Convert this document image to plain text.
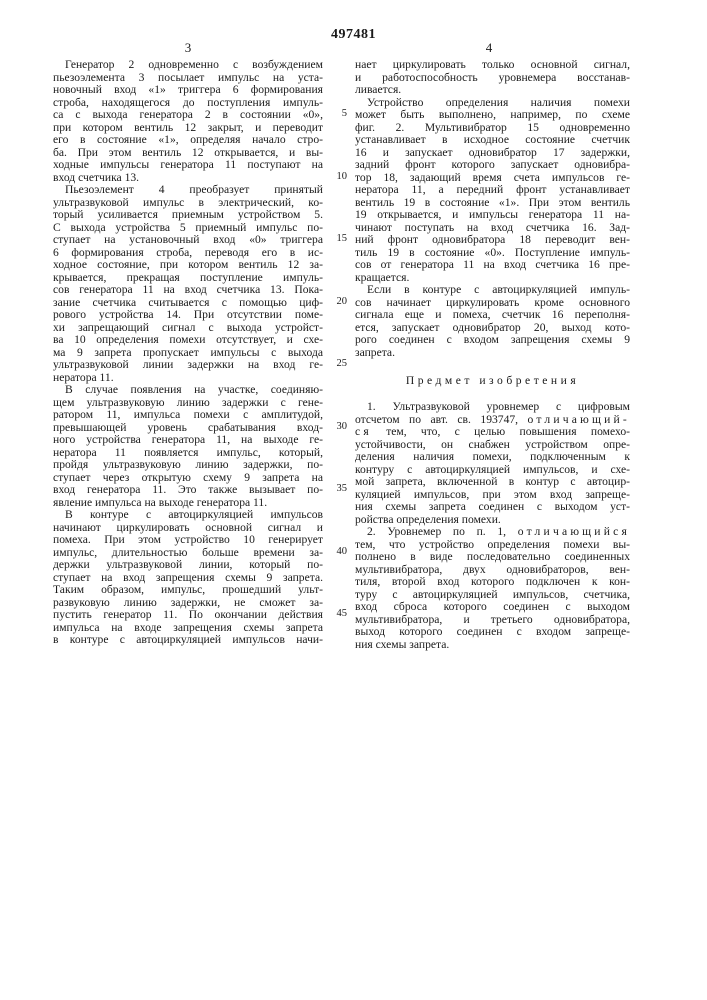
497481
3	4
5
10
15
20
25
30
35
40
45
Генератор 2 одновременно с возбуждением
пьезоэлемента 3 посылает импульс на уста-
новочный вход «1» триггера 6 формирования
строба, находящегося до поступления импуль-
са с выхода генератора 2 в состоянии «0»,
при котором вентиль 12 закрыт, и переводит
его в состояние «1», определяя начало стро-
ба. При этом вентиль 12 открывается, и вы-
ходные импульсы генератора 11 поступают на
вход счетчика 13.
Пьезоэлемент 4 преобразует принятый
ультразвуковой импульс в электрический, ко-
торый усиливается приемным устройством 5.
С выхода устройства 5 приемный импульс по-
ступает на установочный вход «0» триггера
6 формирования строба, переводя его в ис-
ходное состояние, при котором вентиль 12 за-
крывается, прекращая поступление импуль-
сов генератора 11 на вход счетчика 13. Пока-
зание счетчика считывается с помощью циф-
рового устройства 14. При отсутствии поме-
хи запрещающий сигнал с выхода устройст-
ва 10 определения помехи отсутствует, и схе-
ма 9 запрета пропускает импульсы с выхода
ультразвуковой линии задержки на вход ге-
нератора 11.
В случае появления на участке, соединяю-
щем ультразвуковую линию задержки с гене-
ратором 11, импульса помехи с амплитудой,
превышающей уровень срабатывания вход-
ного устройства генератора 11, на выходе ге-
нератора 11 появляется импульс, который,
пройдя ультразвуковую линию задержки, по-
ступает через открытую схему 9 запрета на
вход генератора 11. Это также вызывает по-
явление импульса на выходе генератора 11.
В контуре с автоциркуляцией импульсов
начинают циркулировать основной сигнал и
помеха. При этом устройство 10 генерирует
импульс, длительностью больше времени за-
держки ультразвуковой линии, который по-
ступает на вход запрещения схемы 9 запрета.
Таким образом, импульс, прошедший ульт-
развуковую линию задержки, не сможет за-
пустить генератор 11. По окончании действия
импульса на входе запрещения схемы запрета
в контуре с автоциркуляцией импульсов начи-
нает циркулировать только основной сигнал,
и работоспособность уровнемера восстанав-
ливается.
Устройство определения наличия помехи
может быть выполнено, например, по схеме
фиг. 2. Мультивибратор 15 одновременно
устанавливает в исходное состояние счетчик
16 и запускает одновибратор 17 задержки,
задний фронт которого запускает одновибра-
тор 18, задающий время счета импульсов ге-
нератора 11, а передний фронт устанавливает
вентиль 19 в состояние «1». При этом вентиль
19 открывается, и импульсы генератора 11 на-
чинают поступать на вход счетчика 16. Зад-
ний фронт одновибратора 18 переводит вен-
тиль 19 в состояние «0». Поступление импуль-
сов от генератора 11 на вход счетчика 16 пре-
кращается.
Если в контуре с автоциркуляцией импуль-
сов начинает циркулировать кроме основного
сигнала еще и помеха, счетчик 16 переполня-
ется, запускает одновибратор 20, выход кото-
рого соединен с входом запрещения схемы 9
запрета.
Предмет изобретения
1. Ультразвуковой уровнемер с цифровым
отсчетом по авт. св. 193747, отличающий-
ся тем, что, с целью повышения помехо-
устойчивости, он снабжен устройством опре-
деления наличия помехи, подключенным к
контуру с автоциркуляцией импульсов, и схе-
мой запрета, включенной в контур с автоцир-
куляцией импульсов, при этом вход запреще-
ния схемы запрета соединен с выходом уст-
ройства определения помехи.
2. Уровнемер по п. 1, отличающийся
тем, что устройство определения помехи вы-
полнено в виде последовательно соединенных
мультивибратора, двух одновибраторов, вен-
тиля, второй вход которого подключен к кон-
туру с автоциркуляцией импульсов, счетчика,
вход сброса которого соединен с выходом
мультивибратора, и третьего одновибратора,
выход которого соединен с входом запреще-
ния схемы запрета.
